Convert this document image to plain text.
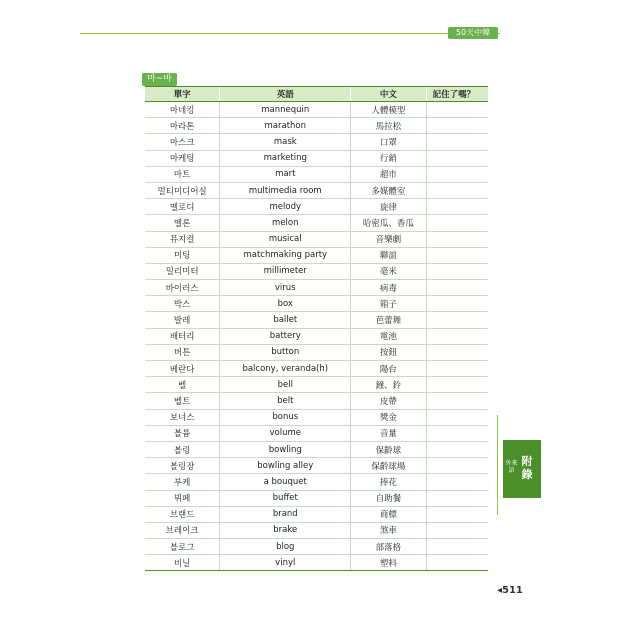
50天中韓
마~바
單字	英語	中文	記住了嗎？
마네킹	mannequin	人體模型	
마라톤	marathon	馬拉松	
마스크	mask	口罩	
마케팅	marketing	行銷	
마트	mart	超市	
멀티미디어실	multimedia room	多媒體室	
멜로디	melody	旋律	
멜론	melon	哈密瓜、香瓜	
뮤지컬	musical	音樂劇	
미팅	matchmaking party	聯誼	
밀리미터	millimeter	毫米	
바이러스	virus	病毒	
박스	box	箱子	
발레	ballet	芭蕾舞	
배터리	battery	電池	
버튼	button	按鈕	
베란다	balcony, veranda(h)	陽台	
벨	bell	鐘、鈴	
벨트	belt	皮帶	
보너스	bonus	獎金	
볼륨	volume	音量	
볼링	bowling	保齡球	
볼링장	bowling alley	保齡球場	
부케	a bouquet	捧花	
뷔페	buffet	自助餐	
브랜드	brand	商標	
브레이크	brake	煞車	
블로그	blog	部落格	
비닐	vinyl	塑料	
外來語
附錄
◂511
